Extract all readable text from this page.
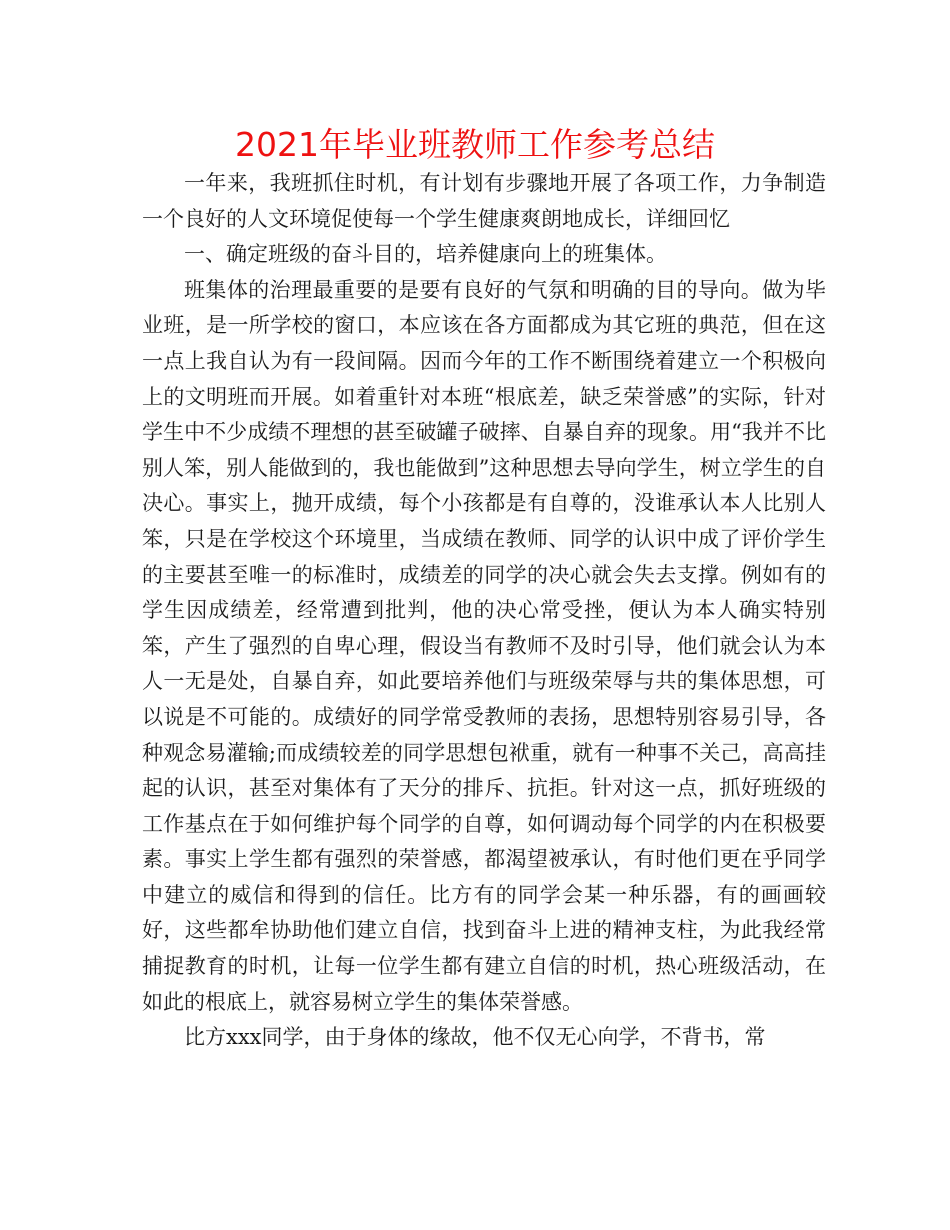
2021年毕业班教师工作参考总结

一年来，我班抓住时机，有计划有步骤地开展了各项工作，力争制造一个良好的人文环境促使每一个学生健康爽朗地成长，详细回忆

一、确定班级的奋斗目的，培养健康向上的班集体。

班集体的治理最重要的是要有良好的气氛和明确的目的导向。做为毕业班，是一所学校的窗口，本应该在各方面都成为其它班的典范，但在这一点上我自认为有一段间隔。因而今年的工作不断围绕着建立一个积极向上的文明班而开展。如着重针对本班“根底差，缺乏荣誉感”的实际，针对学生中不少成绩不理想的甚至破罐子破摔、自暴自弃的现象。用“我并不比别人笨，别人能做到的，我也能做到”这种思想去导向学生，树立学生的自决心。事实上，抛开成绩，每个小孩都是有自尊的，没谁承认本人比别人笨，只是在学校这个环境里，当成绩在教师、同学的认识中成了评价学生的主要甚至唯一的标准时，成绩差的同学的决心就会失去支撑。例如有的学生因成绩差，经常遭到批判，他的决心常受挫，便认为本人确实特别笨，产生了强烈的自卑心理，假设当有教师不及时引导，他们就会认为本人一无是处，自暴自弃，如此要培养他们与班级荣辱与共的集体思想，可以说是不可能的。成绩好的同学常受教师的表扬，思想特别容易引导，各种观念易灌输;而成绩较差的同学思想包袱重，就有一种事不关己，高高挂起的认识，甚至对集体有了天分的排斥、抗拒。针对这一点，抓好班级的工作基点在于如何维护每个同学的自尊，如何调动每个同学的内在积极要素。事实上学生都有强烈的荣誉感，都渴望被承认，有时他们更在乎同学中建立的威信和得到的信任。比方有的同学会某一种乐器，有的画画较好，这些都牟协助他们建立自信，找到奋斗上进的精神支柱，为此我经常捕捉教育的时机，让每一位学生都有建立自信的时机，热心班级活动，在如此的根底上，就容易树立学生的集体荣誉感。

比方xxx同学，由于身体的缘故，他不仅无心向学，不背书，常
